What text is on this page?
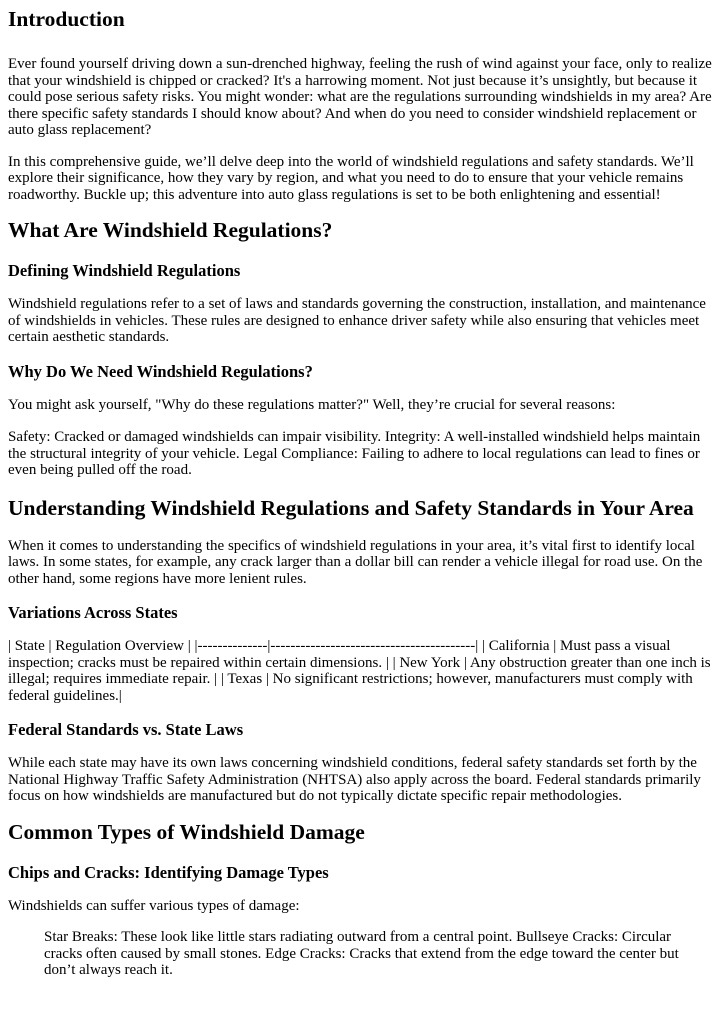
Introduction

Ever found yourself driving down a sun-drenched highway, feeling the rush of wind against your face, only to realize that your windshield is chipped or cracked? It's a harrowing moment. Not just because it’s unsightly, but because it could pose serious safety risks. You might wonder: what are the regulations surrounding windshields in my area? Are there specific safety standards I should know about? And when do you need to consider windshield replacement or auto glass replacement?

In this comprehensive guide, we’ll delve deep into the world of windshield regulations and safety standards. We’ll explore their significance, how they vary by region, and what you need to do to ensure that your vehicle remains roadworthy. Buckle up; this adventure into auto glass regulations is set to be both enlightening and essential!

What Are Windshield Regulations?
Defining Windshield Regulations

Windshield regulations refer to a set of laws and standards governing the construction, installation, and maintenance of windshields in vehicles. These rules are designed to enhance driver safety while also ensuring that vehicles meet certain aesthetic standards.

Why Do We Need Windshield Regulations?

You might ask yourself, "Why do these regulations matter?" Well, they’re crucial for several reasons:

Safety: Cracked or damaged windshields can impair visibility. Integrity: A well-installed windshield helps maintain the structural integrity of your vehicle. Legal Compliance: Failing to adhere to local regulations can lead to fines or even being pulled off the road.

Understanding Windshield Regulations and Safety Standards in Your Area

When it comes to understanding the specifics of windshield regulations in your area, it’s vital first to identify local laws. In some states, for example, any crack larger than a dollar bill can render a vehicle illegal for road use. On the other hand, some regions have more lenient rules.

Variations Across States

| State | Regulation Overview | |--------------|-----------------------------------------| | California | Must pass a visual inspection; cracks must be repaired within certain dimensions. | | New York | Any obstruction greater than one inch is illegal; requires immediate repair. | | Texas | No significant restrictions; however, manufacturers must comply with federal guidelines.|

Federal Standards vs. State Laws

While each state may have its own laws concerning windshield conditions, federal safety standards set forth by the National Highway Traffic Safety Administration (NHTSA) also apply across the board. Federal standards primarily focus on how windshields are manufactured but do not typically dictate specific repair methodologies.

Common Types of Windshield Damage
Chips and Cracks: Identifying Damage Types

Windshields can suffer various types of damage:

Star Breaks: These look like little stars radiating outward from a central point. Bullseye Cracks: Circular cracks often caused by small stones. Edge Cracks: Cracks that extend from the edge toward the center but don’t always reach it.
